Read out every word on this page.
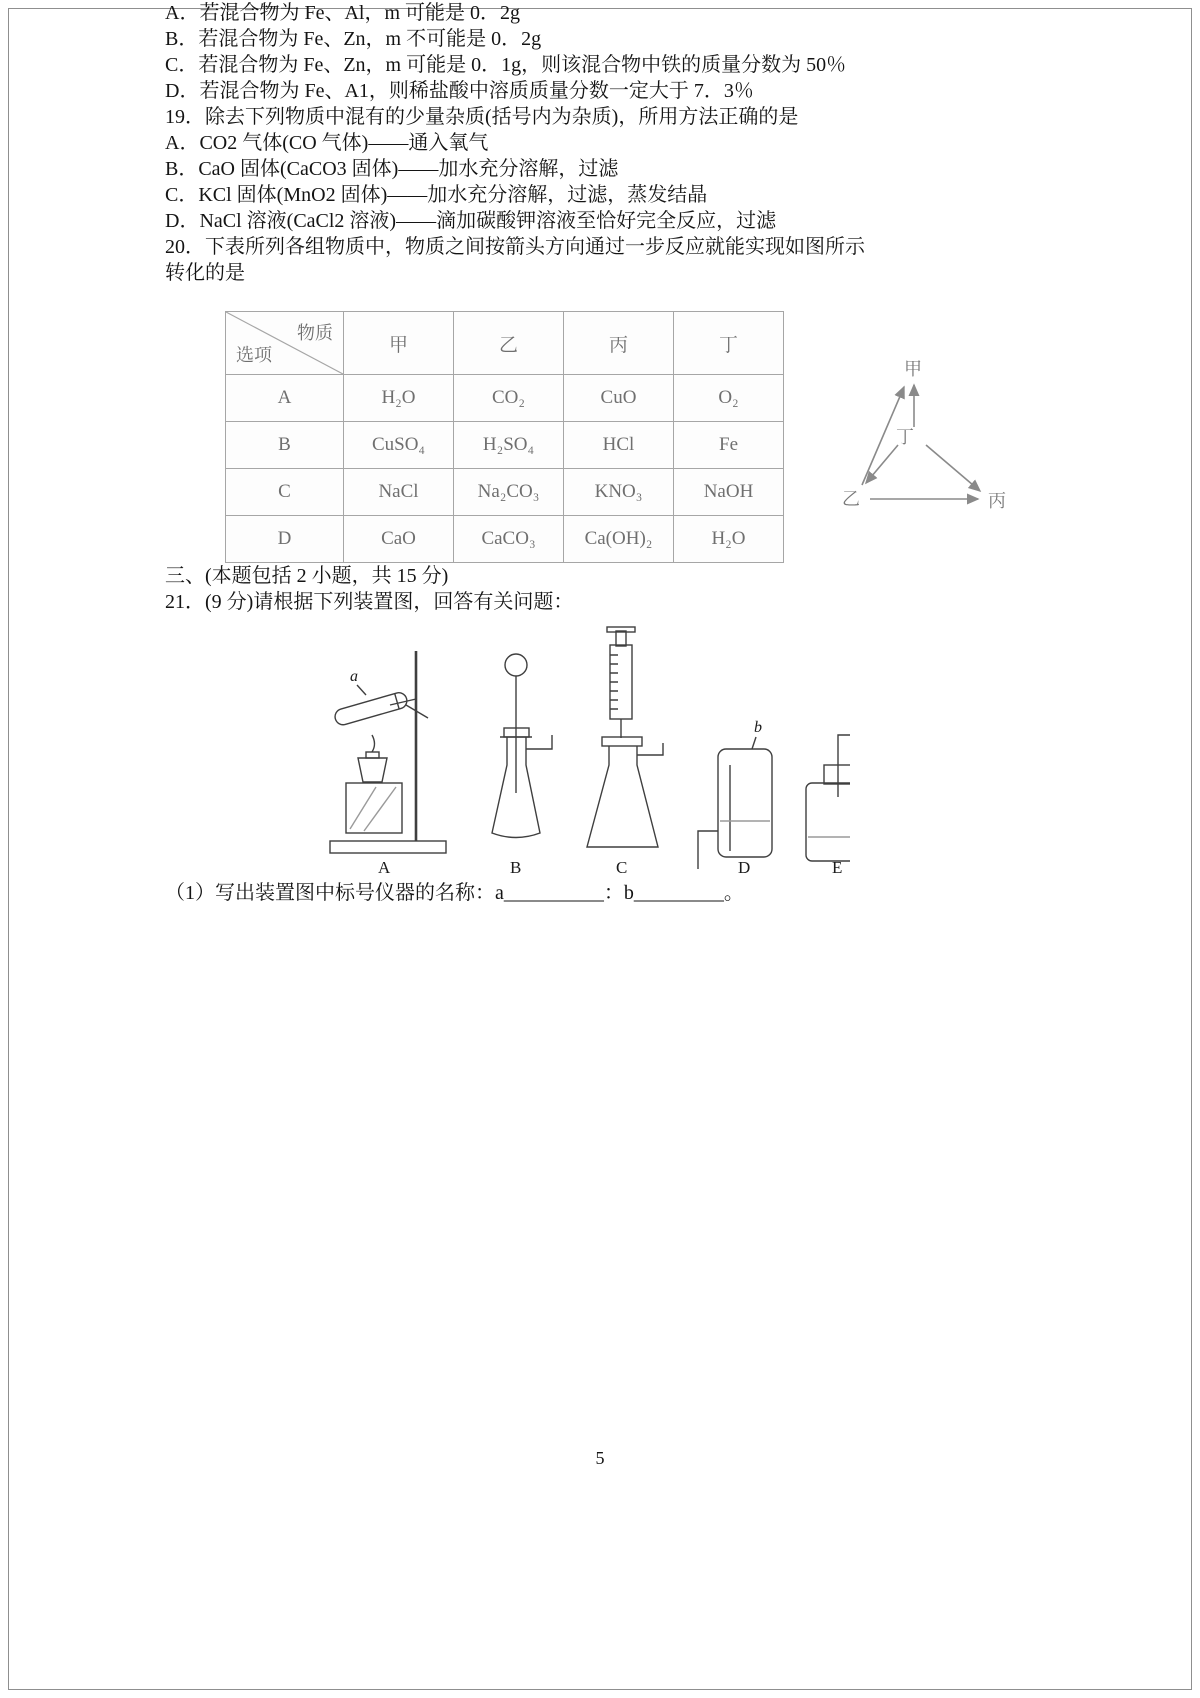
A．若混合物为 Fe、Al，m 可能是 0．2g

B．若混合物为 Fe、Zn，m 不可能是 0．2g

C．若混合物为 Fe、Zn，m 可能是 0．1g，则该混合物中铁的质量分数为 50％

D．若混合物为 Fe、A1，则稀盐酸中溶质质量分数一定大于 7．3％

19．除去下列物质中混有的少量杂质(括号内为杂质)，所用方法正确的是

A．CO2 气体(CO 气体)——通入氧气

B．CaO 固体(CaCO3 固体)——加水充分溶解，过滤

C．KCl 固体(MnO2 固体)——加水充分溶解，过滤，蒸发结晶

D．NaCl 溶液(CaCl2 溶液)——滴加碳酸钾溶液至恰好完全反应，过滤

20．下表所列各组物质中，物质之间按箭头方向通过一步反应就能实现如图所示

转化的是

物质
选项	甲	乙	丙	丁
A	H₂O	CO₂	CuO	O₂
B	CuSO₄	H₂SO₄	HCl	Fe
C	NaCl	Na₂CO₃	KNO₃	NaOH
D	CaO	CaCO₃	Ca(OH)₂	H₂O
甲
丁
乙	丙

三、(本题包括 2 小题，共 15 分)

21．(9 分)请根据下列装置图，回答有关问题：

a
b
A	B	C	D	E

（1）写出装置图中标号仪器的名称：a__________：b_________。

5
